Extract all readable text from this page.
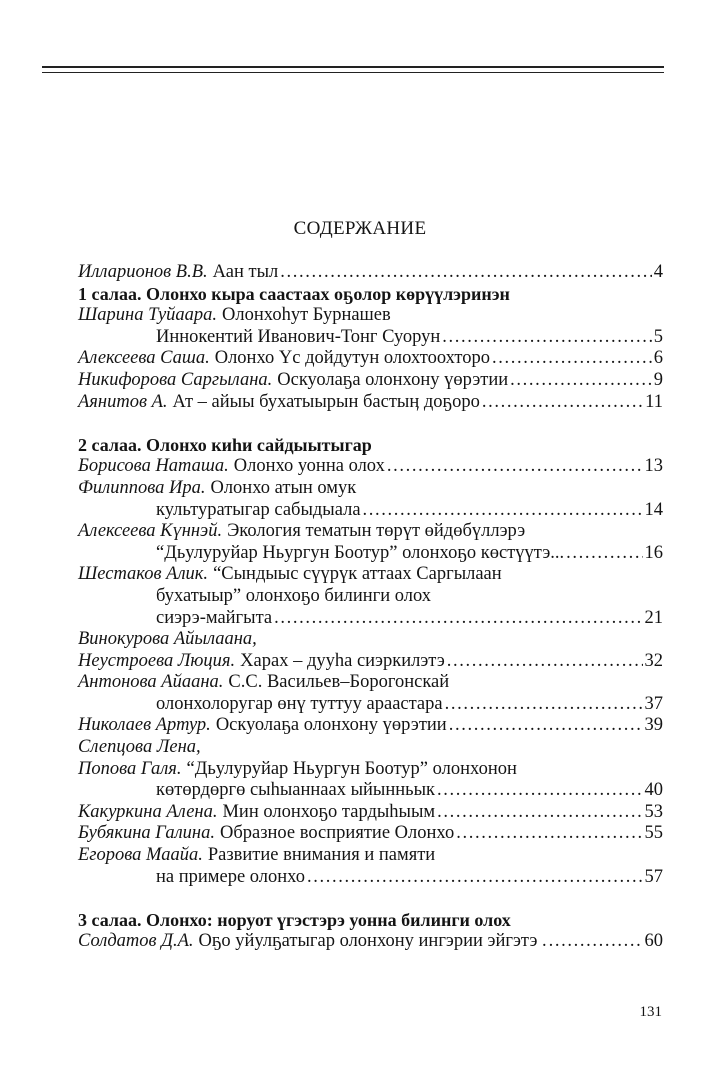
СОДЕРЖАНИЕ
Илларионов В.В. Аан тыл . . .	4
1 салаа. Олонхо кыра саастаах оҕолор көрүүлэринэн
Шарина Туйаара. Олонхоһут Бурнашев
Иннокентий Иванович-Тонг Суорун . . .	5
Алексеева Саша. Олонхо Үс дойдутун олохтоохторо . . .	6
Никифорова Саргылана. Оскуолаҕа олонхону үөрэтии . . .	9
Аянитов А. Ат – айыы бухатыырын бастыӊ доҕоро . . .	11
2 салаа. Олонхо киһи сайдыытыгар
Борисова Наташа. Олонхо уонна олох . . .	13
Филиппова Ира. Олонхо атын омук
культуратыгар сабыдыала . . .	14
Алексеева Күннэй. Экология тематын төрүт өйдөбүллэрэ
“Дьулуруйар Ньургун Боотур” олонхоҕо көстүүтэ... . . .	16
Шестаков Алик. “Сындыыс сүүрүк аттаах Саргылаан
бухатыыр” олонхоҕо билинги олох
сиэрэ-майгыта . . .	21
Винокурова Айылаана,
Неустроева Люция. Харах – дууһа сиэркилэтэ . . .	32
Антонова Айаана. С.С. Васильев–Борогонскай
олонхолоругар өнү туттуу араастара . . .	37
Николаев Артур. Оскуолаҕа олонхону үөрэтии . . .	39
Слепцова Лена,
Попова Галя. “Дьулуруйар Ньургун Боотур” олонхонон
көтөрдөргө сыһыаннаах ыйынньык . . .	40
Какуркина Алена. Мин олонхоҕо тардыһыым . . .	53
Бубякина Галина. Образное восприятие Олонхо . . .	55
Егорова Маайа. Развитие внимания и памяти
на примере олонхо . . .	57
3 салаа. Олонхо: норуот үгэстэрэ уонна билинги олох
Солдатов Д.А. Оҕо уйулҕатыгар олонхону ингэрии эйгэтэ . . . .	60
131
